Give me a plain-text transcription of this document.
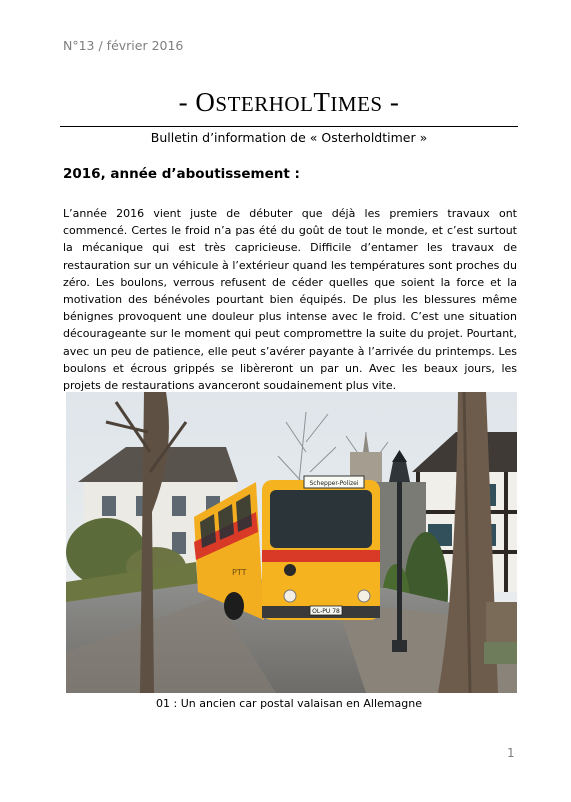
N°13 / février 2016
- OSTERHOLTIMES -
Bulletin d’information de « Osterholdtimer »
2016, année d’aboutissement :
L’année 2016 vient juste de débuter que déjà les premiers travaux ont commencé. Certes le froid n’a pas été du goût de tout le monde, et c’est surtout la mécanique qui est très capricieuse. Difficile d’entamer les travaux de restauration sur un véhicule à l’extérieur quand les températures sont proches du zéro. Les boulons, verrous refusent de céder quelles que soient la force et la motivation des bénévoles pourtant bien équipés. De plus les blessures même bénignes provoquent une douleur plus intense avec le froid. C’est une situation décourageante sur le moment qui peut compromettre la suite du projet. Pourtant, avec un peu de patience, elle peut s’avérer payante à l’arrivée du printemps. Les boulons et écrous grippés se libèreront un par un. Avec les beaux jours, les projets de restaurations avanceront soudainement plus vite.
Schepper-Polizei
PTT
OL-PU 78
01 : Un ancien car postal valaisan en Allemagne
1
